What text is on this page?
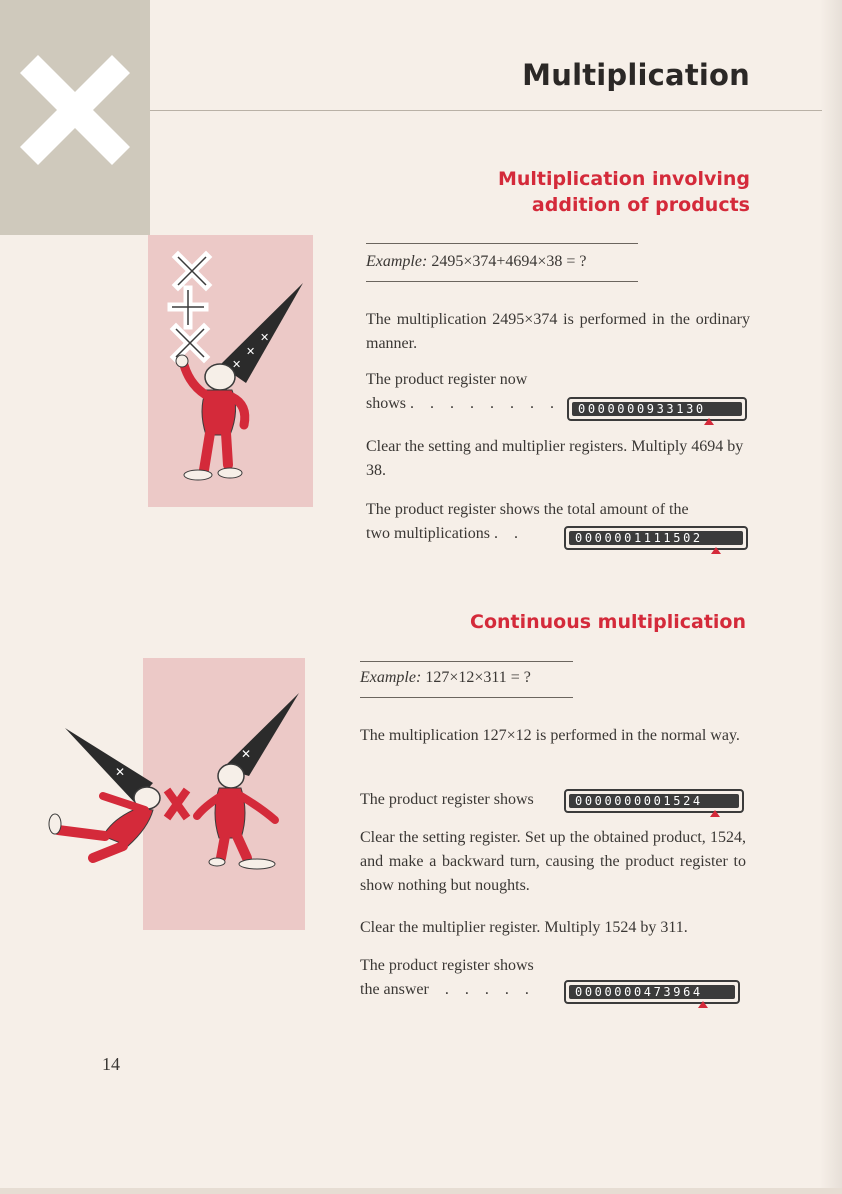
Multiplication
Multiplication involving
addition of products
✕
✕
✕
Example: 2495×374+4694×38 = ?

The multiplication 2495×374 is performed in the ordinary manner.

The product register now
shows . . . . . . . .	0000000933130

Clear the setting and multiplier registers. Multiply 4694 by 38.

The product register shows the total amount of the
two multiplications . .	0000001111502
Continuous multiplication
✕
✕
Example: 127×12×311 = ?

The multiplication 127×12 is performed in the normal way.

The product register shows	0000000001524

Clear the setting register. Set up the obtained product, 1524, and make a backward turn, causing the product register to show nothing but noughts.

Clear the multiplier register. Multiply 1524 by 311.

The product register shows
the answer . . . . .	0000000473964

14
